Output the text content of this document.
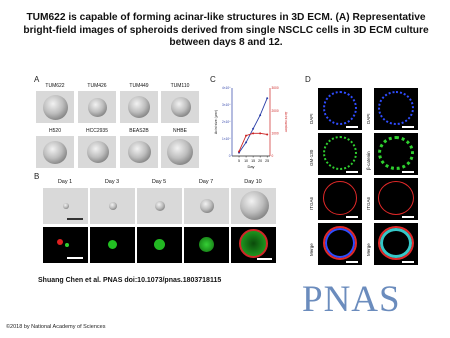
TUM622 is capable of forming acinar-like structures in 3D ECM. (A) Representative bright-field images of spheroids derived from single NSCLC cells in 3D ECM culture between days 8 and 12.
A
TUM622	TUM426	TUM449	TUM110
H520	HCC2935	BEAS2B	NHBE
B
Day 1	Day 3	Day 5	Day 7	Day 10
C
5 10 15 20 25
0
1×10⁴
2×10⁴
3×10⁴
4×10⁴
0
1000
2000
3000
Day
Acini size (µm²)	Acini number
D
DAPI
GM-130
ITGA6
Merge
DAPI
β-catenin
ITGA6
Merge
Shuang Chen et al. PNAS doi:10.1073/pnas.1803718115 PNAS
©2018 by National Academy of Sciences
